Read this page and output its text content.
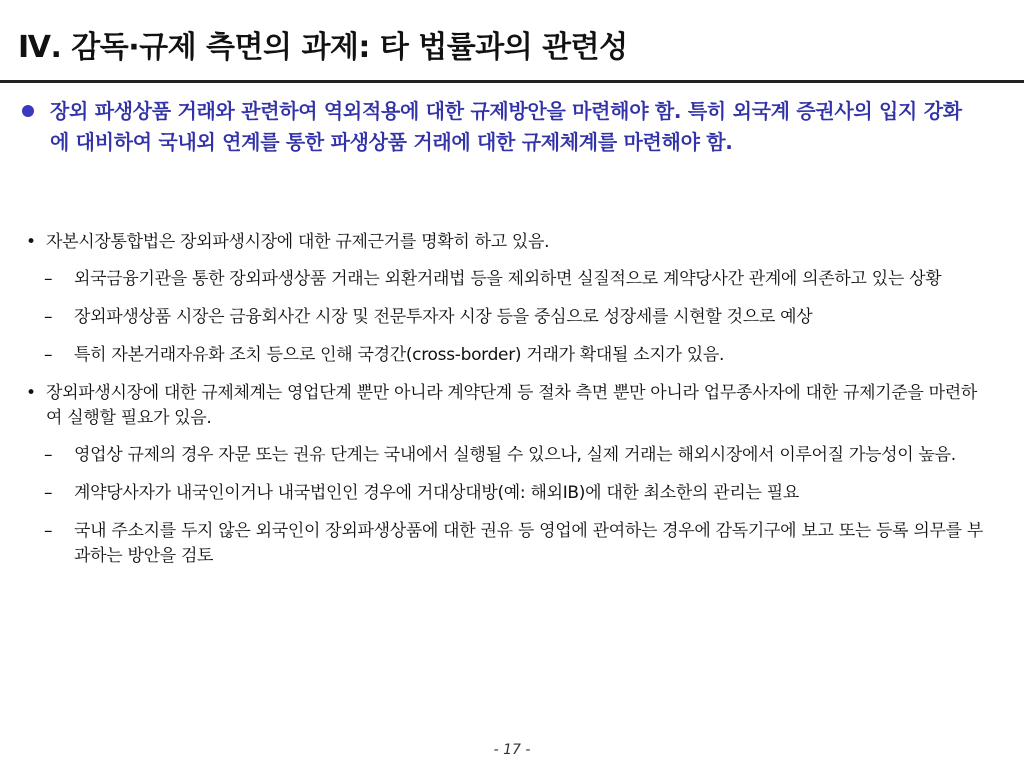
Ⅳ. 감독·규제 측면의 과제: 타 법률과의 관련성
장외 파생상품 거래와 관련하여 역외적용에 대한 규제방안을 마련해야 함. 특히 외국계 증권사의 입지 강화에 대비하여 국내외 연계를 통한 파생상품 거래에 대한 규제체계를 마련해야 함.
• 자본시장통합법은 장외파생시장에 대한 규제근거를 명확히 하고 있음.
– 외국금융기관을 통한 장외파생상품 거래는 외환거래법 등을 제외하면 실질적으로 계약당사간 관계에 의존하고 있는 상황
– 장외파생상품 시장은 금융회사간 시장 및 전문투자자 시장 등을 중심으로 성장세를 시현할 것으로 예상
– 특히 자본거래자유화 조치 등으로 인해 국경간(cross-border) 거래가 확대될 소지가 있음.
• 장외파생시장에 대한 규제체계는 영업단계 뿐만 아니라 계약단계 등 절차 측면 뿐만 아니라 업무종사자에 대한 규제기준을 마련하여 실행할 필요가 있음.
– 영업상 규제의 경우 자문 또는 권유 단계는 국내에서 실행될 수 있으나, 실제 거래는 해외시장에서 이루어질 가능성이 높음.
– 계약당사자가 내국인이거나 내국법인인 경우에 거대상대방(예: 해외IB)에 대한 최소한의 관리는 필요
– 국내 주소지를 두지 않은 외국인이 장외파생상품에 대한 권유 등 영업에 관여하는 경우에 감독기구에 보고 또는 등록 의무를 부과하는 방안을 검토
- 17 -
